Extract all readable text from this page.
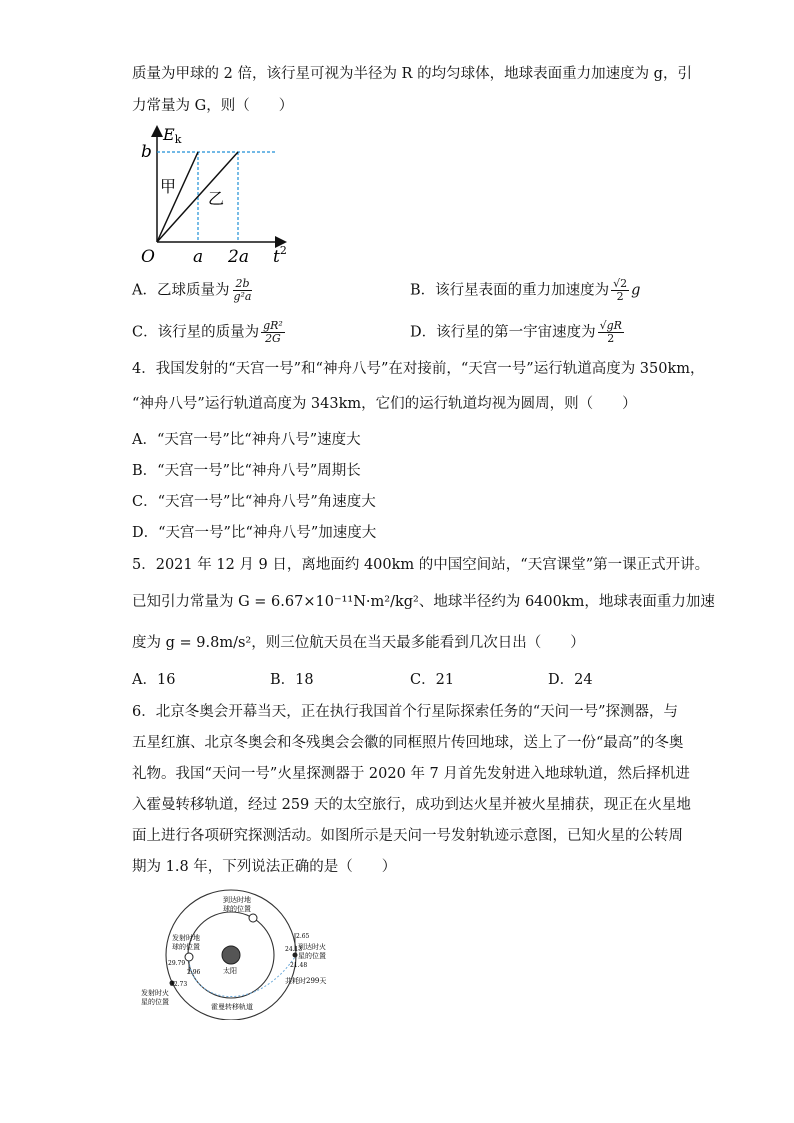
质量为甲球的 2 倍，该行星可视为半径为 R 的均匀球体，地球表面重力加速度为 g，引
力常量为 G，则（　　）
Ek
b
甲
乙
O a 2a $t^2$
A．乙球质量为 $\frac{2b}{\text{g²a}}$	B．该行星表面的重力加速度为 $\frac{√2}{2}$ g
C．该行星的质量为 $\frac{\text{gR²}}{2G}$	D．该行星的第一宇宙速度为 $\frac{√gR}{2}$
4．我国发射的“天宫一号”和“神舟八号”在对接前，“天宫一号”运行轨道高度为 350km，
“神舟八号”运行轨道高度为 343km，它们的运行轨道均视为圆周，则（　　）
A．“天宫一号”比“神舟八号”速度大
B．“天宫一号”比“神舟八号”周期长
C．“天宫一号”比“神舟八号”角速度大
D．“天宫一号”比“神舟八号”加速度大
5．2021 年 12 月 9 日，离地面约 400km 的中国空间站，“天宫课堂”第一课正式开讲。
已知引力常量为 G = 6.67×10⁻¹¹N·m²/kg²、地球半径约为 6400km，地球表面重力加速
度为 g = 9.8m/s²，则三位航天员在当天最多能看到几次日出（　　）
A．16	B．18	C．21	D．24
6．北京冬奥会开幕当天，正在执行我国首个行星际探索任务的“天问一号”探测器，与
五星红旗、北京冬奥会和冬残奥会会徽的同框照片传回地球，送上了一份“最高”的冬奥
礼物。我国“天问一号”火星探测器于 2020 年 7 月首先发射进入地球轨道，然后择机进
入霍曼转移轨道，经过 259 天的太空旅行，成功到达火星并被火星捕获，现正在火星地
面上进行各项研究探测活动。如图所示是天问一号发射轨迹示意图，已知火星的公转周
期为 1.8 年，下列说法正确的是（　　）
太阳
到达时地
球的位置
发射时地
球的位置	到达时火
星的位置
发射时火
星的位置
霍曼转移轨道
共耗时299天
2.65
24.13
21.48
29.79
2.96
32.73
